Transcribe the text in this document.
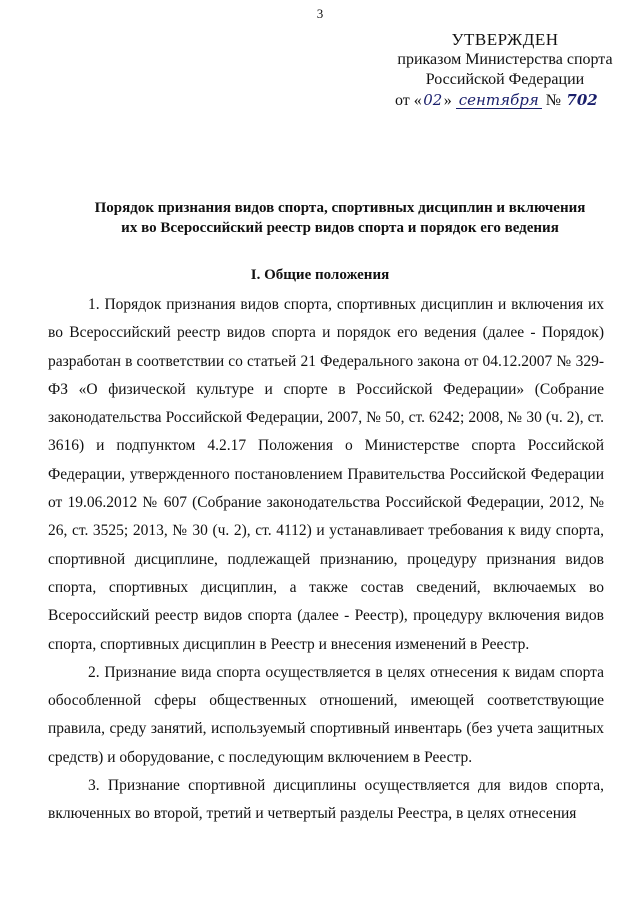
3
УТВЕРЖДЕН
приказом Министерства спорта
Российской Федерации
от «02» сентября № 702
Порядок признания видов спорта, спортивных дисциплин и включения
их во Всероссийский реестр видов спорта и порядок его ведения
I. Общие положения

1. Порядок признания видов спорта, спортивных дисциплин и включения их во Всероссийский реестр видов спорта и порядок его ведения (далее - Порядок) разработан в соответствии со статьей 21 Федерального закона от 04.12.2007 № 329-ФЗ «О физической культуре и спорте в Российской Федерации» (Собрание законодательства Российской Федерации, 2007, № 50, ст. 6242; 2008, № 30 (ч. 2), ст. 3616) и подпунктом 4.2.17 Положения о Министерстве спорта Российской Федерации, утвержденного постановлением Правительства Российской Федерации от 19.06.2012 № 607 (Собрание законодательства Российской Федерации, 2012, № 26, ст. 3525; 2013, № 30 (ч. 2), ст. 4112) и устанавливает требования к виду спорта, спортивной дисциплине, подлежащей признанию, процедуру признания видов спорта, спортивных дисциплин, а также состав сведений, включаемых во Всероссийский реестр видов спорта (далее - Реестр), процедуру включения видов спорта, спортивных дисциплин в Реестр и внесения изменений в Реестр.

2. Признание вида спорта осуществляется в целях отнесения к видам спорта обособленной сферы общественных отношений, имеющей соответствующие правила, среду занятий, используемый спортивный инвентарь (без учета защитных средств) и оборудование, с последующим включением в Реестр.

3. Признание спортивной дисциплины осуществляется для видов спорта, включенных во второй, третий и четвертый разделы Реестра, в целях отнесения
